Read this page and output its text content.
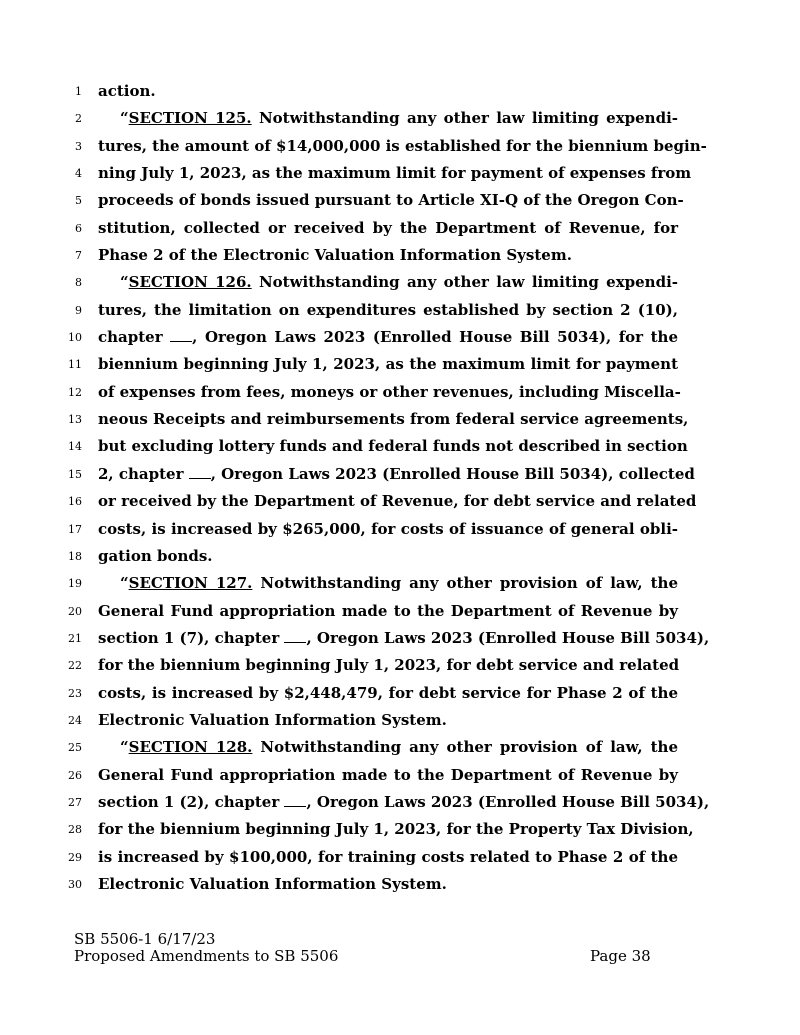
1 action.
2	“SECTION 125. Notwithstanding any other law limiting expendi-
3 tures, the amount of $14,000,000 is established for the biennium begin-
4 ning July 1, 2023, as the maximum limit for payment of expenses from
5 proceeds of bonds issued pursuant to Article XI-Q of the Oregon Con-
6 stitution, collected or received by the Department of Revenue, for
7 Phase 2 of the Electronic Valuation Information System.
8	“SECTION 126. Notwithstanding any other law limiting expendi-
9 tures, the limitation on expenditures established by section 2 (10),
10 chapter , Oregon Laws 2023 (Enrolled House Bill 5034), for the
11 biennium beginning July 1, 2023, as the maximum limit for payment
12 of expenses from fees, moneys or other revenues, including Miscella-
13 neous Receipts and reimbursements from federal service agreements,
14 but excluding lottery funds and federal funds not described in section
15 2, chapter , Oregon Laws 2023 (Enrolled House Bill 5034), collected
16 or received by the Department of Revenue, for debt service and related
17 costs, is increased by $265,000, for costs of issuance of general obli-
18 gation bonds.
19	“SECTION 127. Notwithstanding any other provision of law, the
20 General Fund appropriation made to the Department of Revenue by
21 section 1 (7), chapter , Oregon Laws 2023 (Enrolled House Bill 5034),
22 for the biennium beginning July 1, 2023, for debt service and related
23 costs, is increased by $2,448,479, for debt service for Phase 2 of the
24 Electronic Valuation Information System.
25	“SECTION 128. Notwithstanding any other provision of law, the
26 General Fund appropriation made to the Department of Revenue by
27 section 1 (2), chapter , Oregon Laws 2023 (Enrolled House Bill 5034),
28 for the biennium beginning July 1, 2023, for the Property Tax Division,
29 is increased by $100,000, for training costs related to Phase 2 of the
30 Electronic Valuation Information System.
SB 5506-1 6/17/23
Proposed Amendments to SB 5506	Page 38
